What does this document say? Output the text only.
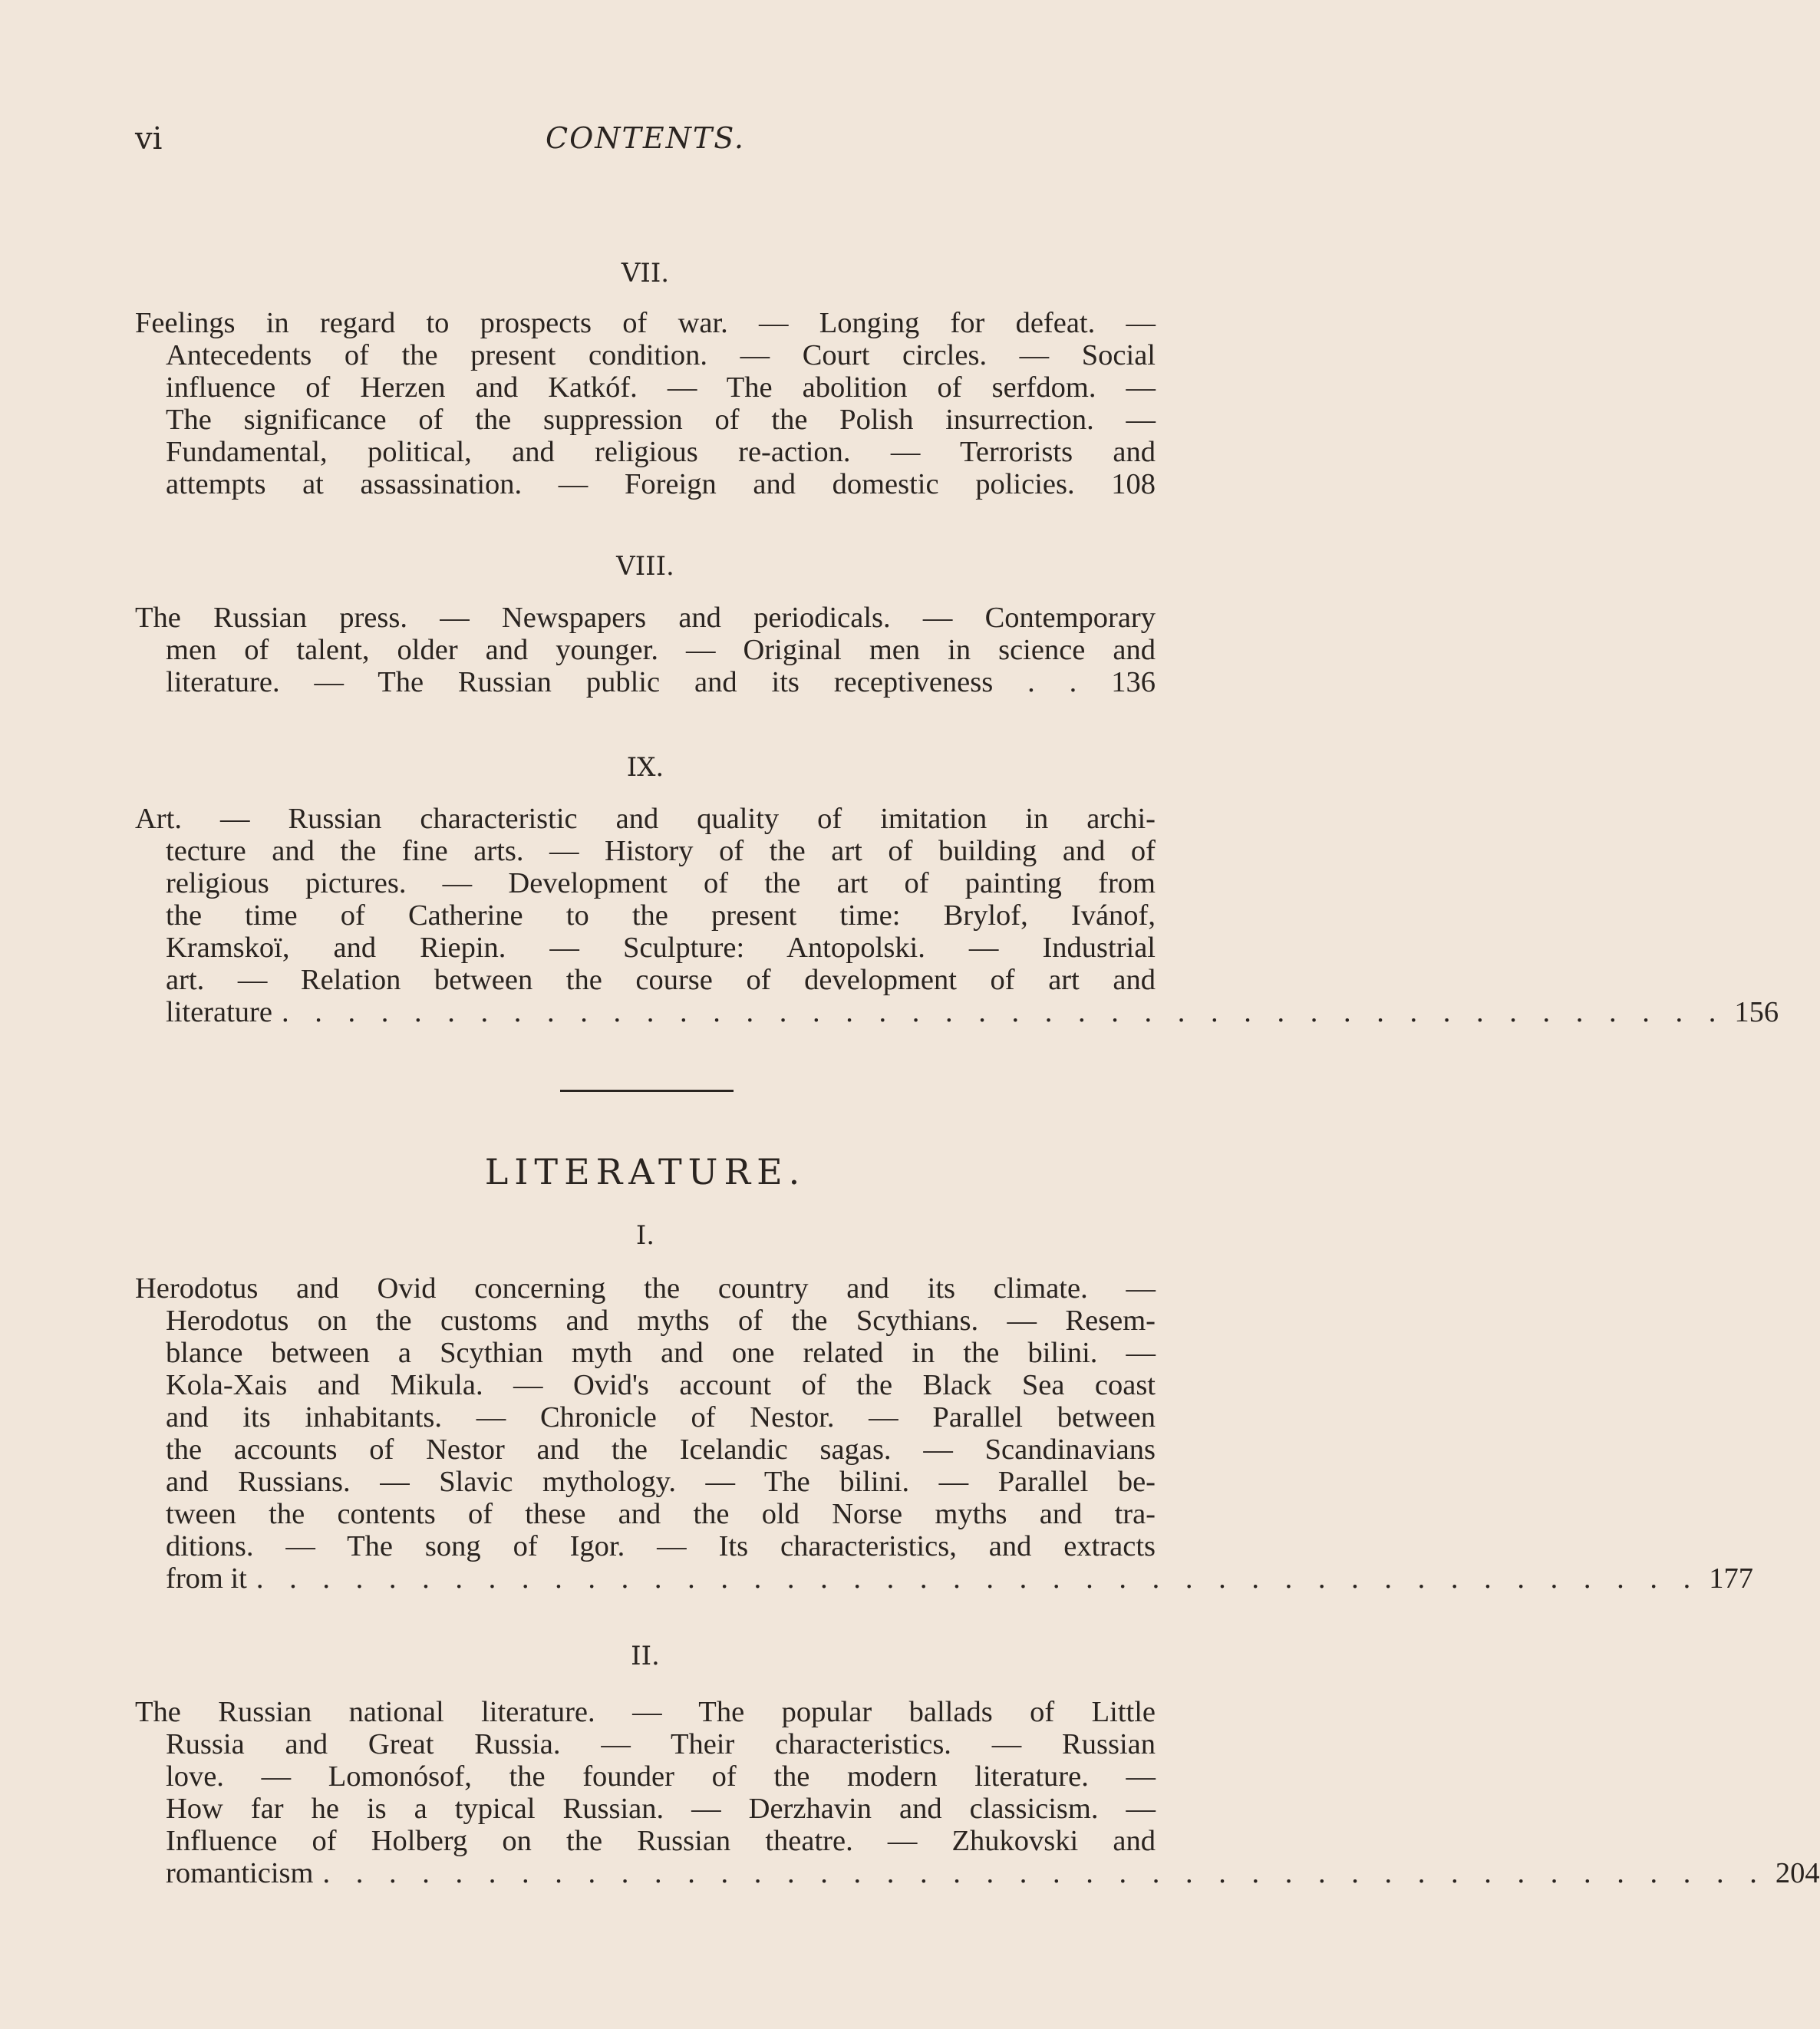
vi	CONTENTS.
VII.
Feelings in regard to prospects of war. — Longing for defeat. —
Antecedents of the present condition. — Court circles. — Social
influence of Herzen and Katkóf. — The abolition of serfdom. —
The significance of the suppression of the Polish insurrection. —
Fundamental, political, and religious re-action. — Terrorists and
attempts at assassination. — Foreign and domestic policies. 108
VIII.
The Russian press. — Newspapers and periodicals. — Contemporary
men of talent, older and younger. — Original men in science and
literature. — The Russian public and its receptiveness . . 136
IX.
Art. — Russian characteristic and quality of imitation in archi-
tecture and the fine arts. — History of the art of building and of
religious pictures. — Development of the art of painting from
the time of Catherine to the present time: Brylof, Ivánof,
Kramskoï, and Riepin. — Sculpture: Antopolski. — Industrial
art. — Relation between the course of development of art and
literature . . . . . . . . . . . . . . . . . . . . . . . . . . . . . . . . . . . . . . . . . . . . 156
LITERATURE.
I.
Herodotus and Ovid concerning the country and its climate. —
Herodotus on the customs and myths of the Scythians. — Resem-
blance between a Scythian myth and one related in the bilini. —
Kola-Xais and Mikula. — Ovid's account of the Black Sea coast
and its inhabitants. — Chronicle of Nestor. — Parallel between
the accounts of Nestor and the Icelandic sagas. — Scandinavians
and Russians. — Slavic mythology. — The bilini. — Parallel be-
tween the contents of these and the old Norse myths and tra-
ditions. — The song of Igor. — Its characteristics, and extracts
from it . . . . . . . . . . . . . . . . . . . . . . . . . . . . . . . . . . . . . . . . . . . . 177
II.
The Russian national literature. — The popular ballads of Little
Russia and Great Russia. — Their characteristics. — Russian
love. — Lomonósof, the founder of the modern literature. —
How far he is a typical Russian. — Derzhavin and classicism. —
Influence of Holberg on the Russian theatre. — Zhukovski and
romanticism . . . . . . . . . . . . . . . . . . . . . . . . . . . . . . . . . . . . . . . . . . . . 204
